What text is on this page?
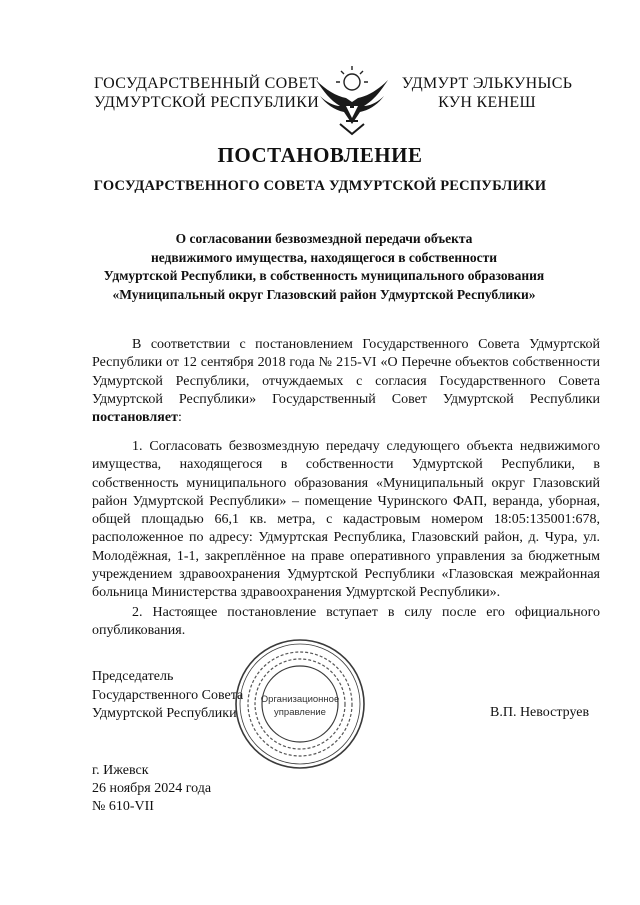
ГОСУДАРСТВЕННЫЙ СОВЕТ
УДМУРТСКОЙ РЕСПУБЛИКИ
УДМУРТ ЭЛЬКУНЫСЬ
КУН КЕНЕШ
ПОСТАНОВЛЕНИЕ
ГОСУДАРСТВЕННОГО СОВЕТА УДМУРТСКОЙ РЕСПУБЛИКИ
О согласовании безвозмездной передачи объекта
недвижимого имущества, находящегося в собственности
Удмуртской Республики, в собственность муниципального образования
«Муниципальный округ Глазовский район Удмуртской Республики»

В соответствии с постановлением Государственного Совета Удмуртской Республики от 12 сентября 2018 года № 215-VI «О Перечне объектов собственности Удмуртской Республики, отчуждаемых с согласия Государственного Совета Удмуртской Республики» Государственный Совет Удмуртской Республики постановляет:

1. Согласовать безвозмездную передачу следующего объекта недвижимого имущества, находящегося в собственности Удмуртской Республики, в собственность муниципального образования «Муниципальный округ Глазовский район Удмуртской Республики» – помещение Чуринского ФАП, веранда, уборная, общей площадью 66,1 кв. метра, с кадастровым номером 18:05:135001:678, расположенное по адресу: Удмуртская Республика, Глазовский район, д. Чура, ул. Молодёжная, 1-1, закреплённое на праве оперативного управления за бюджетным учреждением здравоохранения Удмуртской Республики «Глазовская межрайонная больница Министерства здравоохранения Удмуртской Республики».

2. Настоящее постановление вступает в силу после его официального опубликования.

Председатель
Государственного Совета
Удмуртской Республики
Организационное
управление	В.П. Невоструев
г. Ижевск
26 ноября 2024 года
№ 610-VII
